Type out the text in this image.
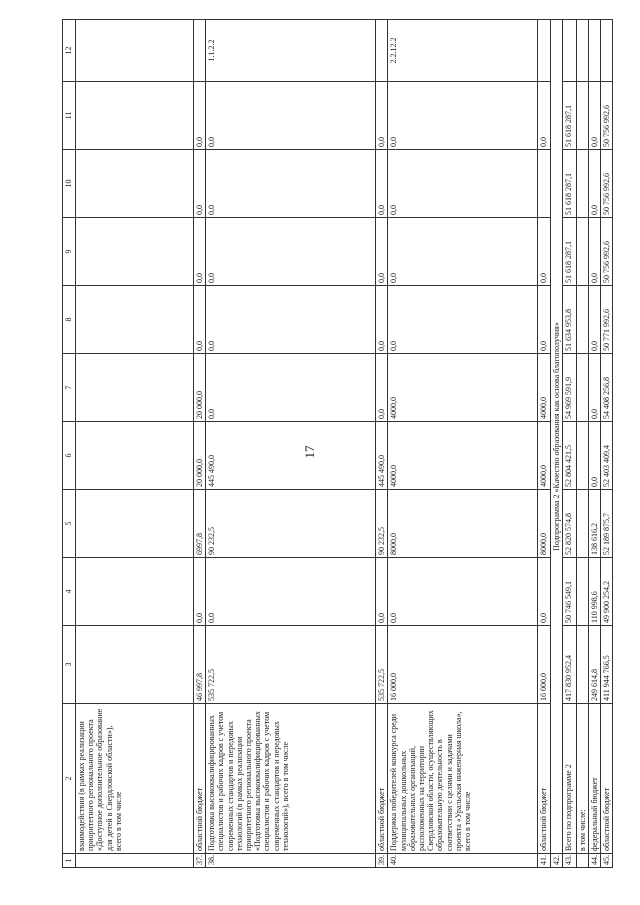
17
1	2	3	4	5	6	7	8	9	10	11	12
	взаимодействия (в рамках реализации приоритетного регионального проекта «Доступное дополнительное образование для детей в Свердловской области»), всего в том числе										
37.	областной бюджет	46 997,8	0,0	6997,8	20 000,0	20 000,0	0,0	0,0	0,0	0,0	
38.	Подготовка высококвалифицированных специалистов и рабочих кадров с учетом современных стандартов и передовых технологий (в рамках реализации приоритетного регионального проекта «Подготовка высококвалифицированных специалистов и рабочих кадров с учетом современных стандартов и передовых технологий»), всего в том числе	535 722,5	0,0	90 232,5	445 490,0	0,0	0,0	0,0	0,0	0,0	1.1.2.2
39.	областной бюджет	535 722,5	0,0	90 232,5	445 490,0	0,0	0,0	0,0	0,0	0,0	
40.	Поддержка победителей конкурса среди муниципальных дошкольных образовательных организаций, расположенных на территории Свердловской области, осуществляющих образовательную деятельность в соответствии с целями и задачами проекта «Уральская инженерная школа», всего в том числе	16 000,0	0,0	8000,0	4000,0	4000,0	0,0	0,0	0,0	0,0	2.2.12.2
41.	областной бюджет	16 000,0	0,0	8000,0	4000,0	4000,0	0,0	0,0		0,0	
42.	Подпрограмма 2 «Качество образования как основа благополучия»										
43.	Всего по подпрограмме 2	417 830 952,4	50 746 549,1	52 820 574,8	52 804 421,5	54 969 591,9	51 634 953,8	51 618 287,1	51 618 287,1	51 618 287,1	
	в том числе:										
44.	федеральный бюджет	249 614,8	110 998,6	138 616,2	0,0	0,0	0,0	0,0	0,0	0,0	
45.	областной бюджет	411 944 766,5	49 900 254,2	52 189 875,7	52 403 409,4	54 408 256,8	50 771 992,6	50 756 992,6	50 756 992,6	50 756 992,6	
